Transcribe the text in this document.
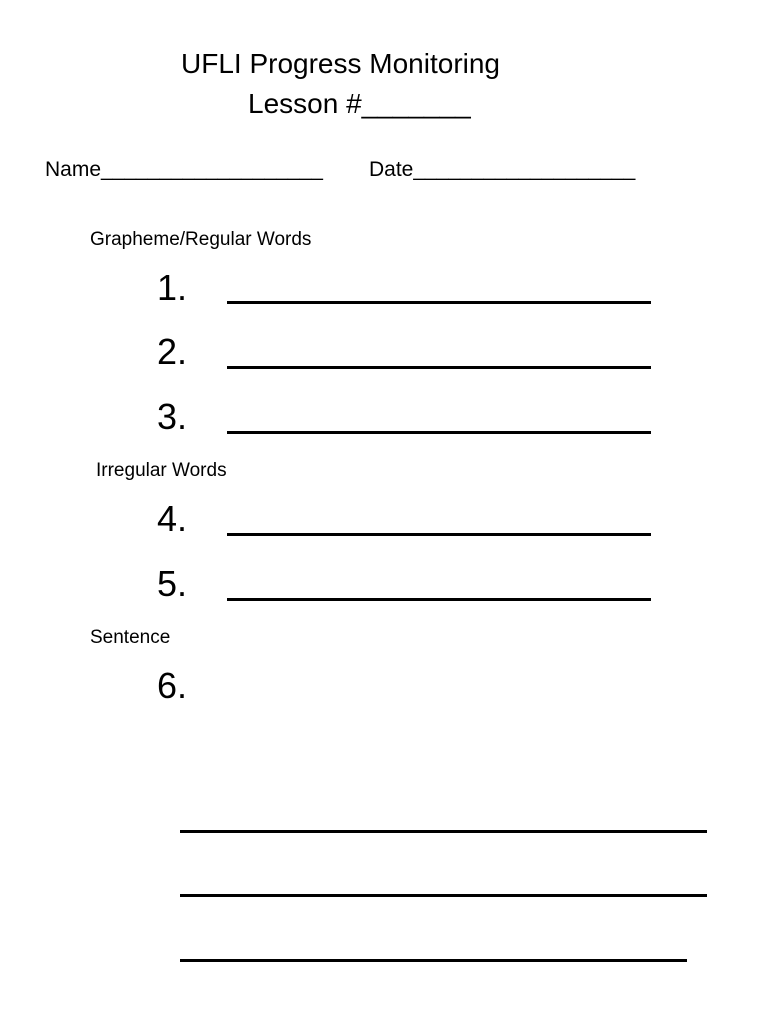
UFLI Progress Monitoring
Lesson #_______
Name___________________ Date___________________
Grapheme/Regular Words
1.
2.
3.
Irregular Words
4.
5.
Sentence
6.
